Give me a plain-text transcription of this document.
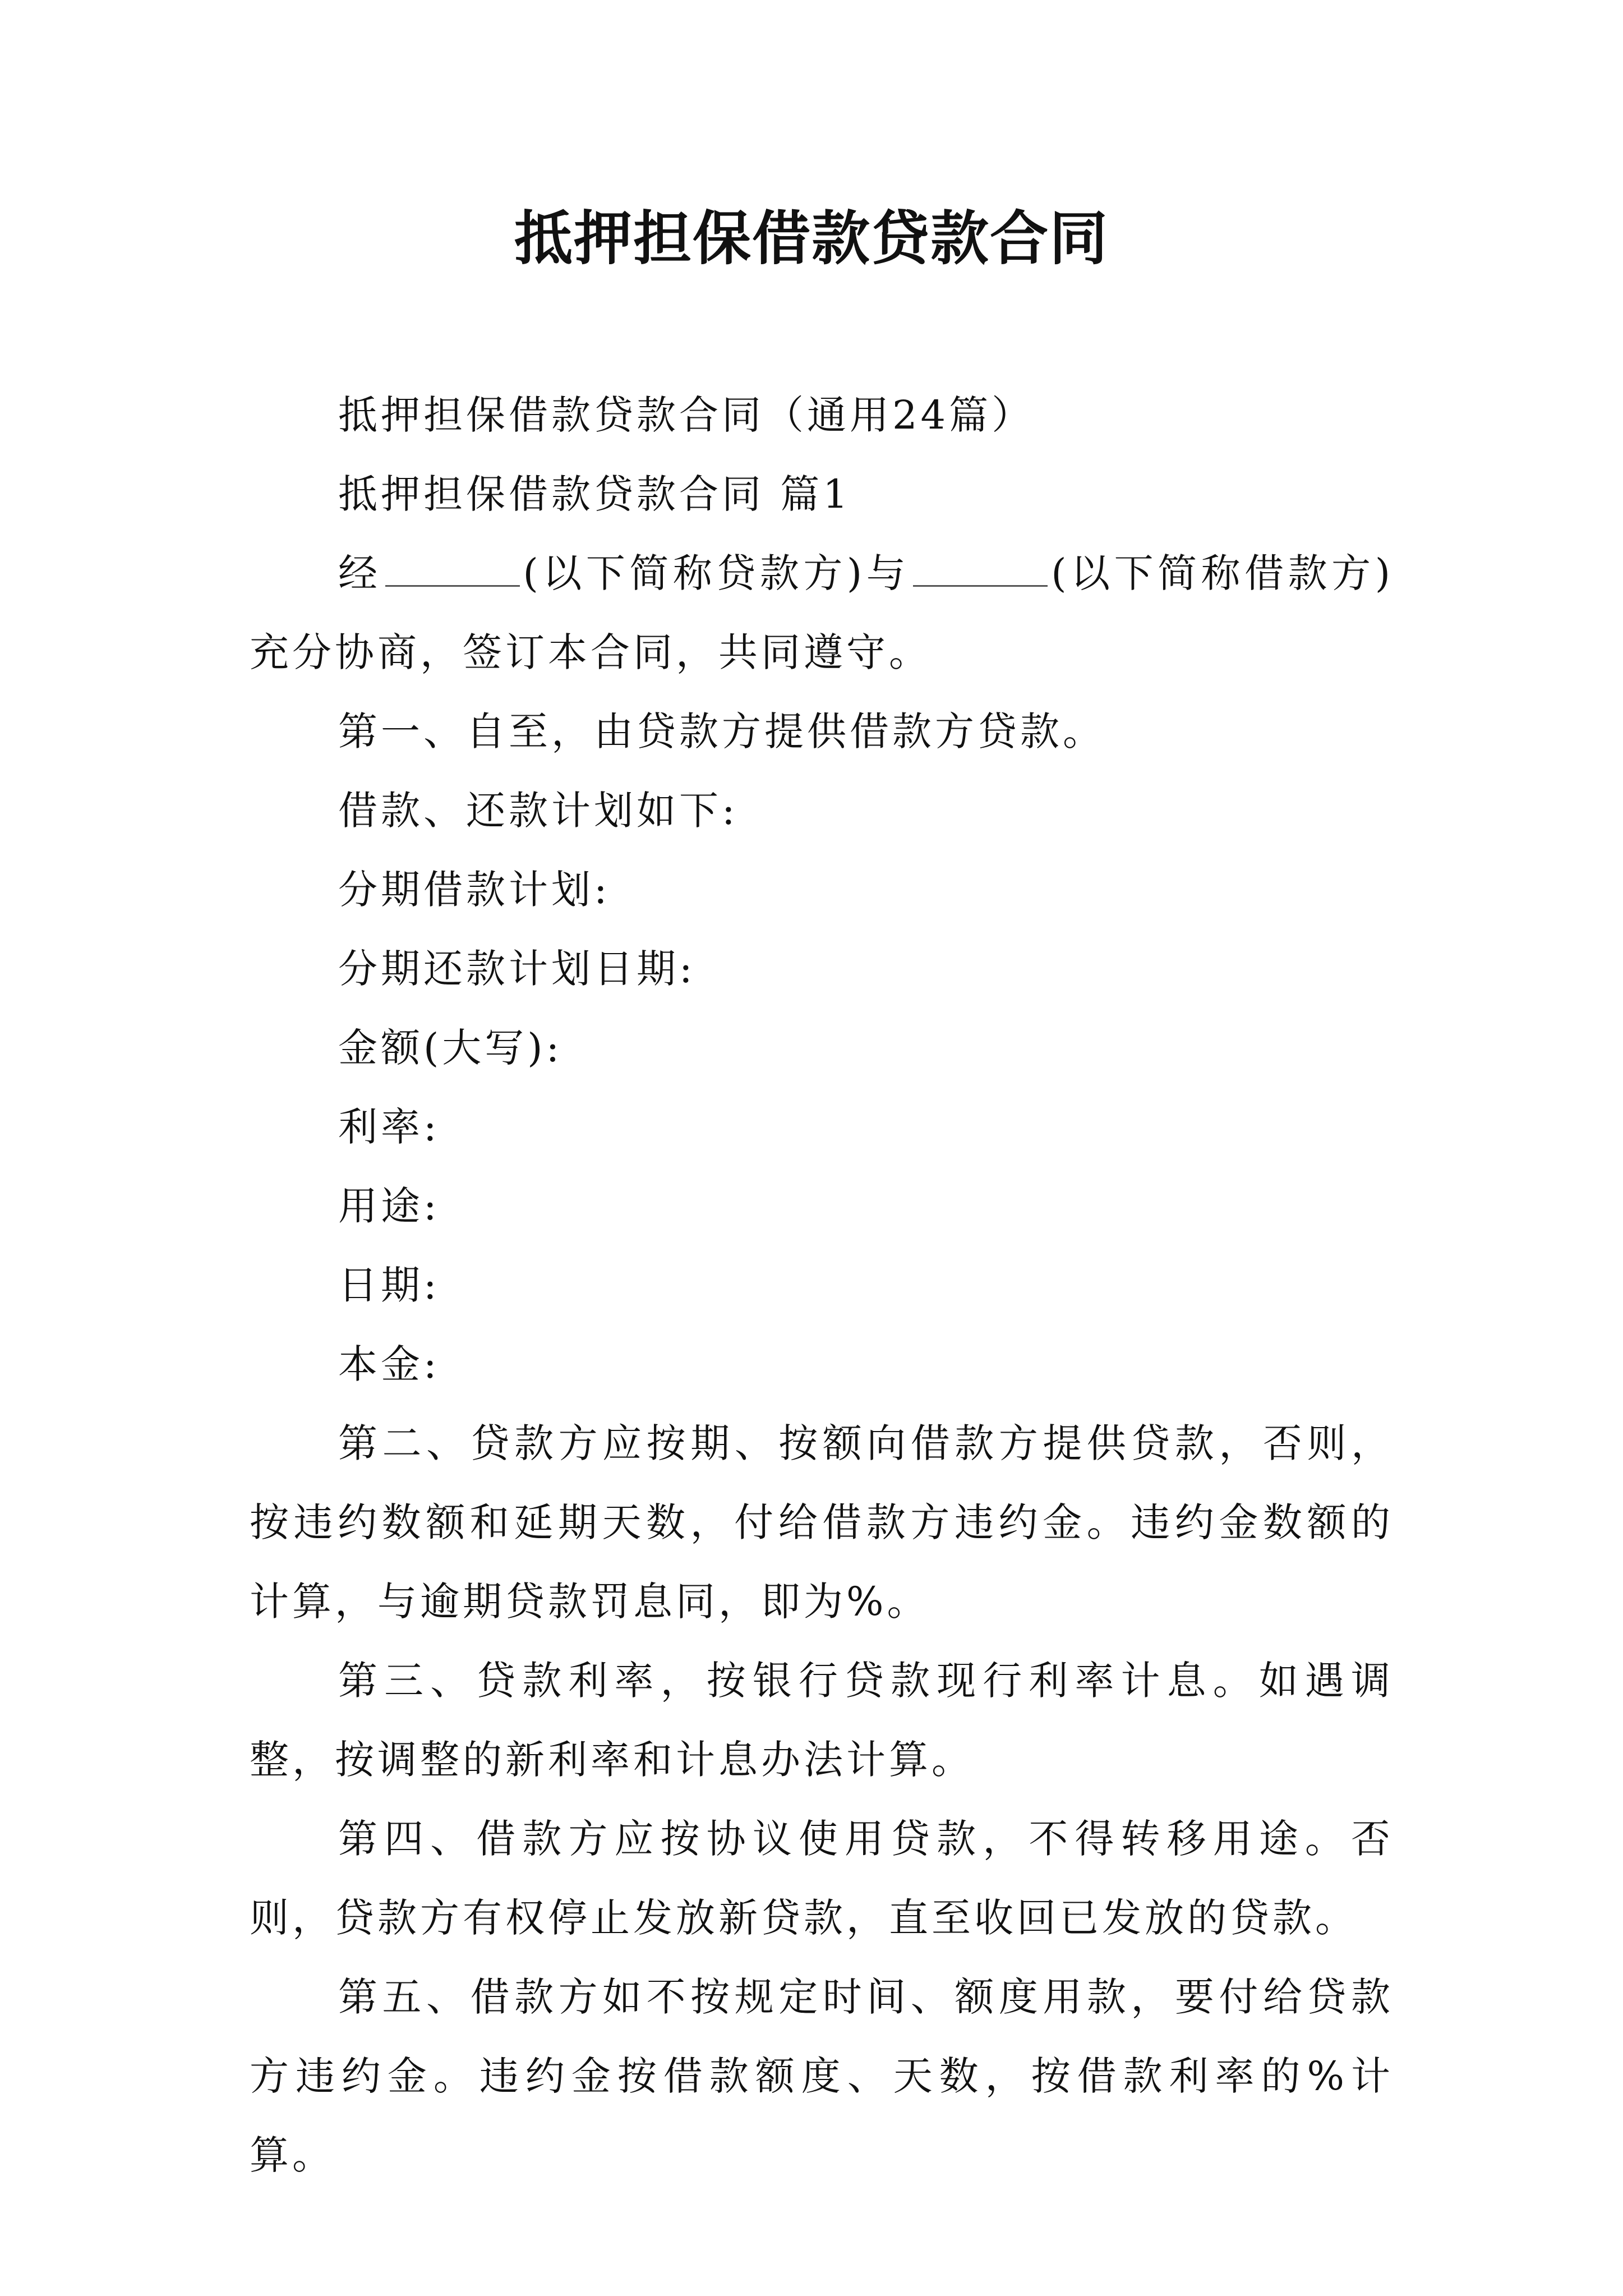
抵押担保借款贷款合同

抵押担保借款贷款合同（通用24篇）

抵押担保借款贷款合同 篇1

经	(以下简称贷款方)与	(以下简称借款方)充分协商，签订本合同，共同遵守。

第一、自至，由贷款方提供借款方贷款。

借款、还款计划如下:

分期借款计划:

分期还款计划日期:

金额(大写):

利率:

用途:

日期:

本金:

第二、贷款方应按期、按额向借款方提供贷款，否则，按违约数额和延期天数，付给借款方违约金。违约金数额的计算，与逾期贷款罚息同，即为%。

第三、贷款利率，按银行贷款现行利率计息。如遇调整，按调整的新利率和计息办法计算。

第四、借款方应按协议使用贷款，不得转移用途。否则，贷款方有权停止发放新贷款，直至收回已发放的贷款。

第五、借款方如不按规定时间、额度用款，要付给贷款方违约金。违约金按借款额度、天数，按借款利率的%计算。
